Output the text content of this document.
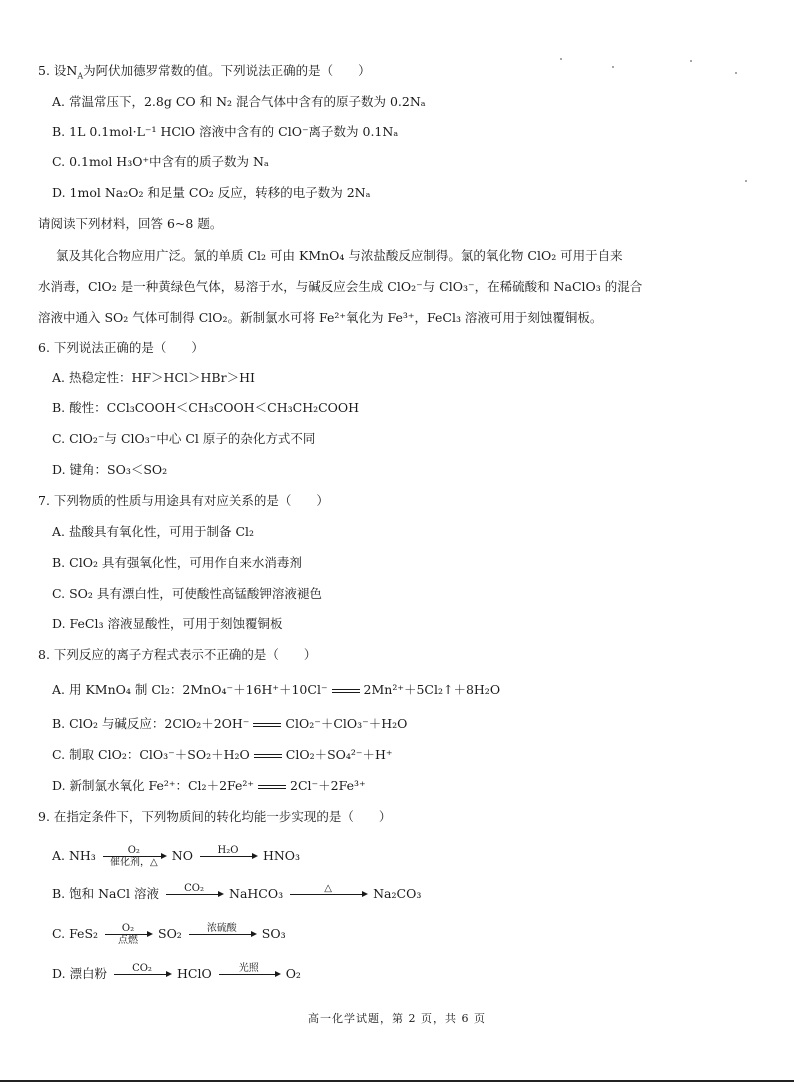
5. 设$N_A$为阿伏加德罗常数的值。下列说法正确的是（　　）
A. 常温常压下，2.8g CO 和 N₂ 混合气体中含有的原子数为 0.2Nₐ
B. 1L 0.1mol·L⁻¹ HClO 溶液中含有的 ClO⁻离子数为 0.1Nₐ
C. 0.1mol H₃O⁺中含有的质子数为 Nₐ
D. 1mol Na₂O₂ 和足量 CO₂ 反应，转移的电子数为 2Nₐ
请阅读下列材料，回答 6~8 题。
氯及其化合物应用广泛。氯的单质 Cl₂ 可由 KMnO₄ 与浓盐酸反应制得。氯的氧化物 ClO₂ 可用于自来
水消毒，ClO₂ 是一种黄绿色气体，易溶于水，与碱反应会生成 ClO₂⁻与 ClO₃⁻，在稀硫酸和 NaClO₃ 的混合
溶液中通入 SO₂ 气体可制得 ClO₂。新制氯水可将 Fe²⁺氧化为 Fe³⁺，FeCl₃ 溶液可用于刻蚀覆铜板。
6. 下列说法正确的是（　　）
A. 热稳定性：HF＞HCl＞HBr＞HI
B. 酸性：CCl₃COOH＜CH₃COOH＜CH₃CH₂COOH
C. ClO₂⁻与 ClO₃⁻中心 Cl 原子的杂化方式不同
D. 键角：SO₃＜SO₂
7. 下列物质的性质与用途具有对应关系的是（　　）
A. 盐酸具有氧化性，可用于制备 Cl₂
B. ClO₂ 具有强氧化性，可用作自来水消毒剂
C. SO₂ 具有漂白性，可使酸性高锰酸钾溶液褪色
D. FeCl₃ 溶液显酸性，可用于刻蚀覆铜板
8. 下列反应的离子方程式表示不正确的是（　　）
A. 用 KMnO₄ 制 Cl₂：2MnO₄⁻＋16H⁺＋10Cl⁻	2Mn²⁺＋5Cl₂↑＋8H₂O
B. ClO₂ 与碱反应：2ClO₂＋2OH⁻	ClO₂⁻＋ClO₃⁻＋H₂O
C. 制取 ClO₂：ClO₃⁻＋SO₂＋H₂O	ClO₂＋SO₄²⁻＋H⁺
D. 新制氯水氧化 Fe²⁺：Cl₂＋2Fe²⁺	2Cl⁻＋2Fe³⁺
9. 在指定条件下，下列物质间的转化均能一步实现的是（　　）
A. NH₃	O₂
催化剂，△	NO	H₂O	HNO₃
B. 饱和 NaCl 溶液	CO₂	NaHCO₃	△	Na₂CO₃
C. FeS₂	O₂
点燃	SO₂	浓硫酸	SO₃
D. 漂白粉	CO₂	HClO	光照	O₂
高一化学试题，第 2 页，共 6 页
